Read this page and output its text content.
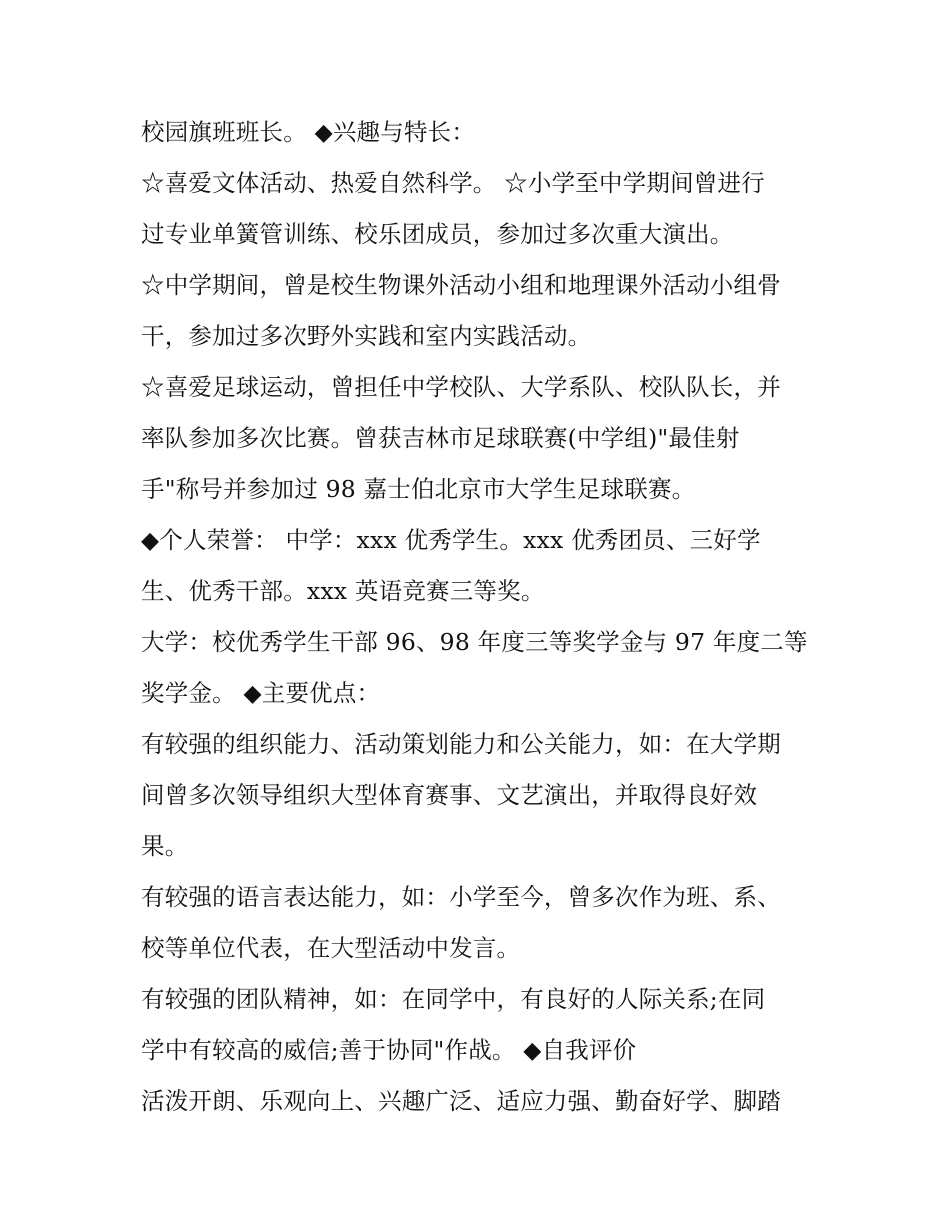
校园旗班班长。 ◆兴趣与特长：
☆喜爱文体活动、热爱自然科学。 ☆小学至中学期间曾进行
过专业单簧管训练、校乐团成员，参加过多次重大演出。
☆中学期间，曾是校生物课外活动小组和地理课外活动小组骨
干，参加过多次野外实践和室内实践活动。
☆喜爱足球运动，曾担任中学校队、大学系队、校队队长，并
率队参加多次比赛。曾获吉林市足球联赛(中学组)"最佳射
手"称号并参加过 98 嘉士伯北京市大学生足球联赛。
◆个人荣誉： 中学：xxx 优秀学生。xxx 优秀团员、三好学
生、优秀干部。xxx 英语竞赛三等奖。
大学：校优秀学生干部 96、98 年度三等奖学金与 97 年度二等
奖学金。 ◆主要优点：
有较强的组织能力、活动策划能力和公关能力，如：在大学期
间曾多次领导组织大型体育赛事、文艺演出，并取得良好效
果。
有较强的语言表达能力，如：小学至今，曾多次作为班、系、
校等单位代表，在大型活动中发言。
有较强的团队精神，如：在同学中，有良好的人际关系;在同
学中有较高的威信;善于协同"作战。 ◆自我评价
活泼开朗、乐观向上、兴趣广泛、适应力强、勤奋好学、脚踏
